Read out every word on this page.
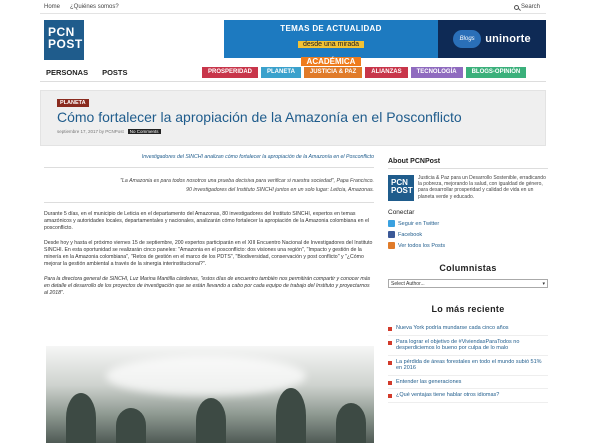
Home ¿Quiénes somos?	Search
PCN
POST
TEMAS DE ACTUALIDAD
desde una mirada
ACADÉMICA
Blogs uninorte
PERSONAS POSTS	PROSPERIDAD	PLANETA	JUSTICIA & PAZ	ALIANZAS	TECNOLOGÍA	BLOGS-OPINIÓN
PLANETA
Cómo fortalecer la apropiación de la Amazonía en el Posconflicto
septiembre 17, 2017 by PCNPost	No Comments
Investigadores del SINCHI analizan cómo fortalecer la apropiación de la Amazonía en el Posconflicto
"La Amazonia es para todos nosotros una prueba decisiva para verificar si nuestra sociedad", Papa Francisco.
90 investigadores del Instituto SINCHI juntos en un solo lugar: Leticia, Amazonas.
Durante 5 días, en el municipio de Leticia en el departamento del Amazonas, 80 investigadores del Instituto SINCHI, expertos en temas amazónicos y autoridades locales, departamentales y nacionales, analizarán cómo fortalecer la apropiación de la Amazonia colombiana en el posconflicto.
Desde hoy y hasta el próximo viernes 15 de septiembre, 200 expertos participarán en el XIII Encuentro Nacional de Investigadores del Instituto SINCHI. En esta oportunidad se realizarán cinco paneles: "Amazonia en el posconflicto: dos visiones una región", "Impacto y gestión de la minería en la Amazonia colombiana", "Retos de gestión en el marco de los PDTS", "Biodiversidad, conservación y post conflicto" y "¿Cómo mejorar la gestión ambiental a través de la sinergia interinstitucional?".
Para la directora general de SINCHI, Luz Marina Mantilla cárdenas, "estos días de encuentro también nos permitirán compartir y conocer más en detalle el desarrollo de los proyectos de investigación que se están llevando a cabo por cada equipo de trabajo del Instituto y proyectarnos al 2018".
About PCNPost
PCN
POST
Justicia & Paz para un Desarrollo Sostenible, erradicando la pobreza, mejorando la salud, con igualdad de género, para desarrollar prosperidad y calidad de vida en un planeta verde y educado.
Conectar
Seguir en Twitter
Facebook
Ver todos los Posts
Columnistas
Select Author... ▾
Lo más reciente
Nueva York podría mundarse cada cinco años
Para lograr el objetivo de #ViviendasParaTodos no desperdiciemos lo bueno por culpa de lo malo
La pérdida de áreas forestales en todo el mundo subió 51% en 2016
Entender las generaciones
¿Qué ventajas tiene hablar otros idiomas?
